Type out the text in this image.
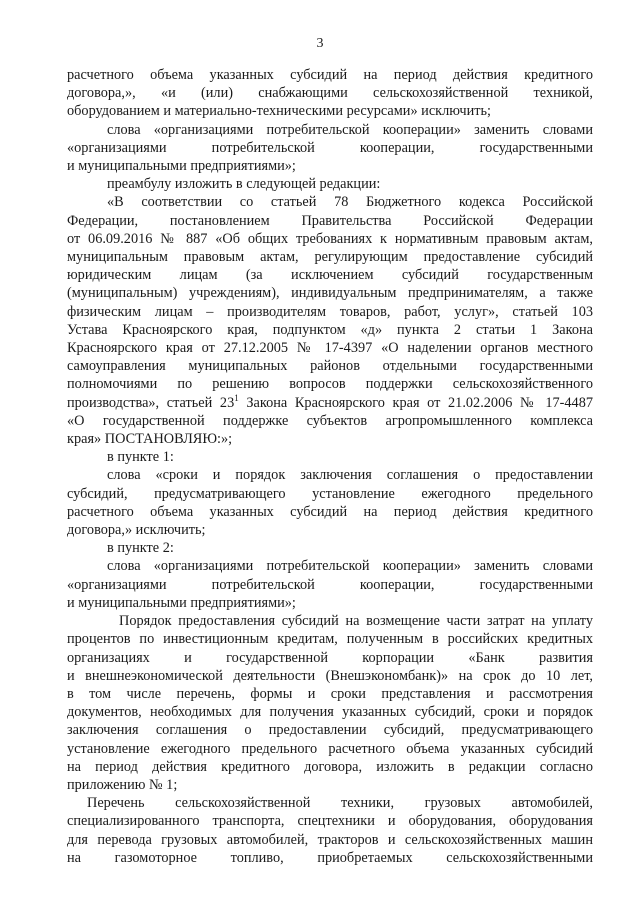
3
расчетного объема указанных субсидий на период действия кредитного
договора,», «и (или) снабжающими сельскохозяйственной техникой,
оборудованием и материально-техническими ресурсами» исключить;
слова «организациями потребительской кооперации» заменить словами
«организациями потребительской кооперации, государственными
и муниципальными предприятиями»;
преамбулу изложить в следующей редакции:
«В соответствии со статьей 78 Бюджетного кодекса Российской
Федерации, постановлением Правительства Российской Федерации
от 06.09.2016 № 887 «Об общих требованиях к нормативным правовым актам,
муниципальным правовым актам, регулирующим предоставление субсидий
юридическим лицам (за исключением субсидий государственным
(муниципальным) учреждениям), индивидуальным предпринимателям, а также
физическим лицам – производителям товаров, работ, услуг», статьей 103
Устава Красноярского края, подпунктом «д» пункта 2 статьи 1 Закона
Красноярского края от 27.12.2005 № 17-4397 «О наделении органов местного
самоуправления муниципальных районов отдельными государственными
полномочиями по решению вопросов поддержки сельскохозяйственного
производства», статьей $23^1$ Закона Красноярского края от 21.02.2006 № 17-4487
«О государственной поддержке субъектов агропромышленного комплекса
края» ПОСТАНОВЛЯЮ:»;
в пункте 1:
слова «сроки и порядок заключения соглашения о предоставлении
субсидий, предусматривающего установление ежегодного предельного
расчетного объема указанных субсидий на период действия кредитного
договора,» исключить;
в пункте 2:
слова «организациями потребительской кооперации» заменить словами
«организациями потребительской кооперации, государственными
и муниципальными предприятиями»;
Порядок предоставления субсидий на возмещение части затрат на уплату
процентов по инвестиционным кредитам, полученным в российских кредитных
организациях и государственной корпорации «Банк развития
и внешнеэкономической деятельности (Внешэкономбанк)» на срок до 10 лет,
в том числе перечень, формы и сроки представления и рассмотрения
документов, необходимых для получения указанных субсидий, сроки и порядок
заключения соглашения о предоставлении субсидий, предусматривающего
установление ежегодного предельного расчетного объема указанных субсидий
на период действия кредитного договора, изложить в редакции согласно
приложению № 1;
Перечень сельскохозяйственной техники, грузовых автомобилей,
специализированного транспорта, спецтехники и оборудования, оборудования
для перевода грузовых автомобилей, тракторов и сельскохозяйственных машин
на газомоторное топливо, приобретаемых сельскохозяйственными
